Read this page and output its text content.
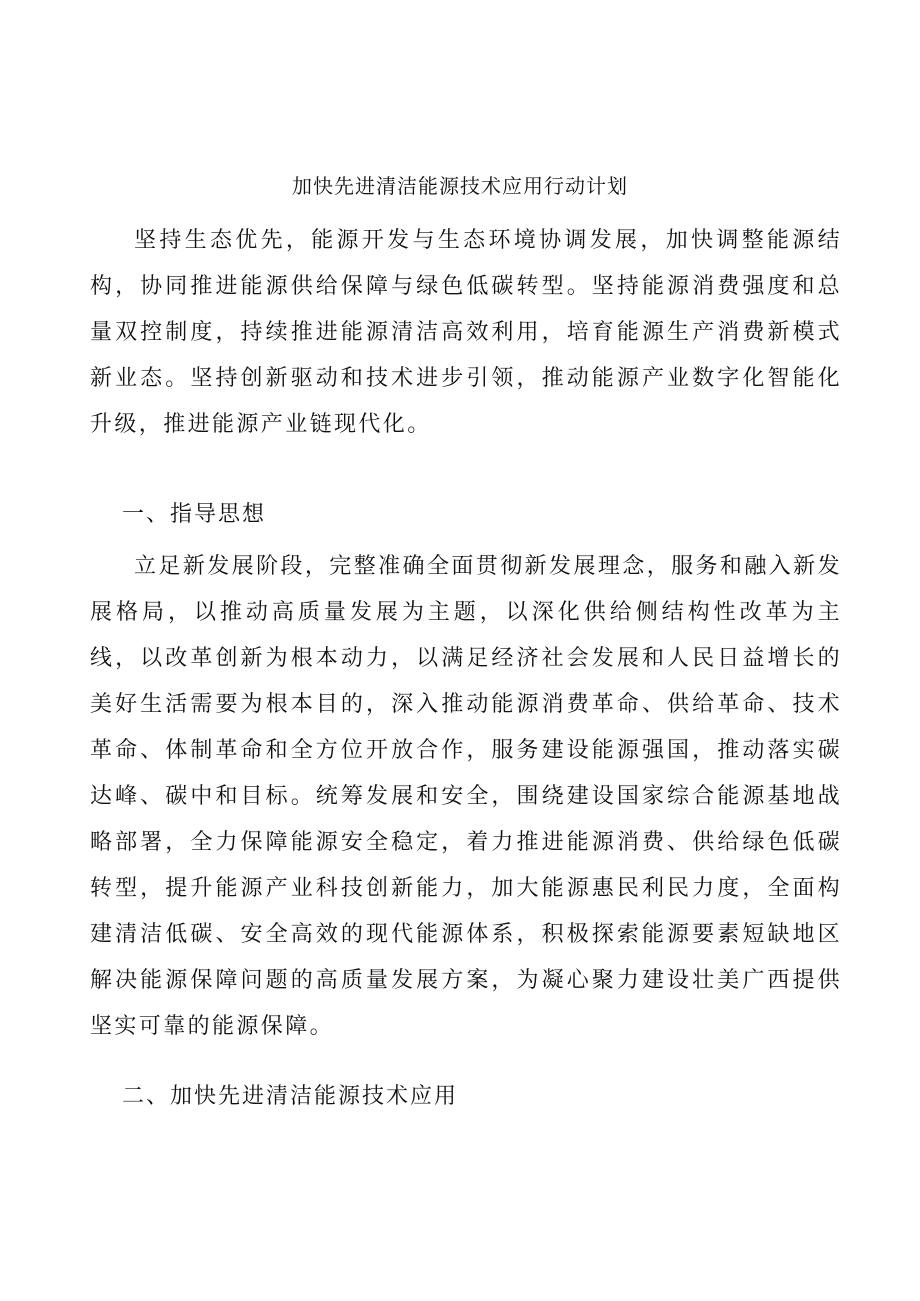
加快先进清洁能源技术应用行动计划

坚持生态优先，能源开发与生态环境协调发展，加快调整能源结构，协同推进能源供给保障与绿色低碳转型。坚持能源消费强度和总量双控制度，持续推进能源清洁高效利用，培育能源生产消费新模式新业态。坚持创新驱动和技术进步引领，推动能源产业数字化智能化升级，推进能源产业链现代化。

一、指导思想

立足新发展阶段，完整准确全面贯彻新发展理念，服务和融入新发展格局，以推动高质量发展为主题，以深化供给侧结构性改革为主线，以改革创新为根本动力，以满足经济社会发展和人民日益增长的美好生活需要为根本目的，深入推动能源消费革命、供给革命、技术革命、体制革命和全方位开放合作，服务建设能源强国，推动落实碳达峰、碳中和目标。统筹发展和安全，围绕建设国家综合能源基地战略部署，全力保障能源安全稳定，着力推进能源消费、供给绿色低碳转型，提升能源产业科技创新能力，加大能源惠民利民力度，全面构建清洁低碳、安全高效的现代能源体系，积极探索能源要素短缺地区解决能源保障问题的高质量发展方案，为凝心聚力建设壮美广西提供坚实可靠的能源保障。

二、加快先进清洁能源技术应用
